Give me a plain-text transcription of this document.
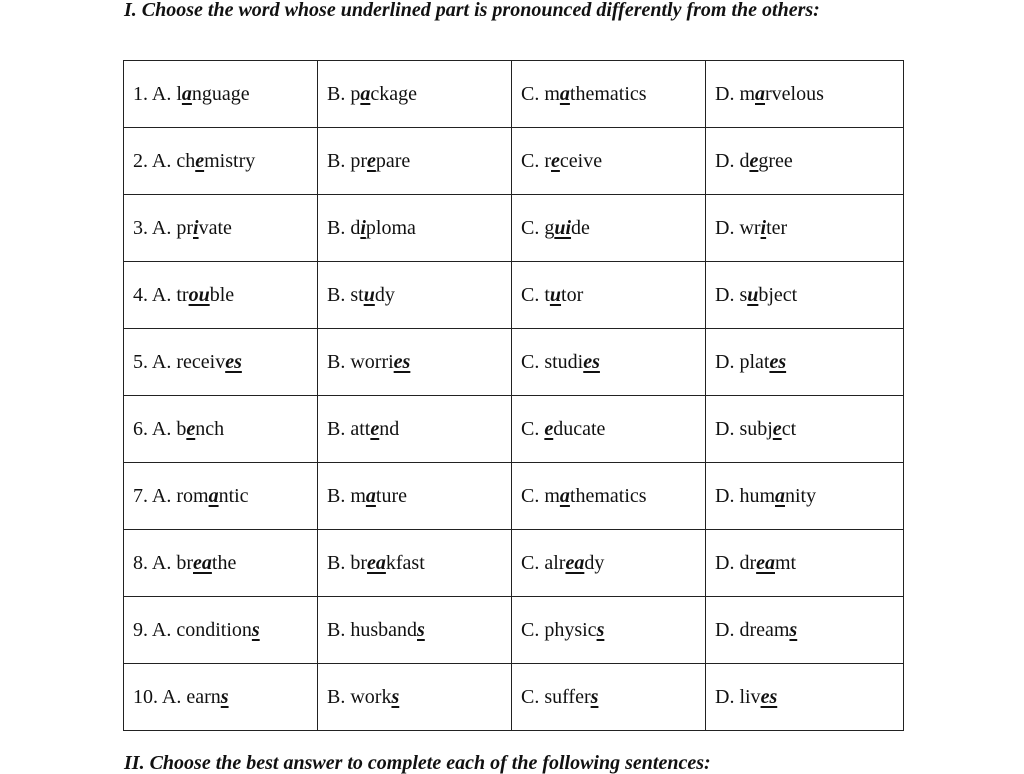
I. Choose the word whose underlined part is pronounced differently from the others:
1. A. language	B. package	C. mathematics	D. marvelous
2. A. chemistry	B. prepare	C. receive	D. degree
3. A. private	B. diploma	C. guide	D. writer
4. A. trouble	B. study	C. tutor	D. subject
5. A. receives	B. worries	C. studies	D. plates
6. A. bench	B. attend	C. educate	D. subject
7. A. romantic	B. mature	C. mathematics	D. humanity
8. A. breathe	B. breakfast	C. already	D. dreamt
9. A. conditions	B. husbands	C. physics	D. dreams
10. A. earns	B. works	C. suffers	D. lives
II. Choose the best answer to complete each of the following sentences:
